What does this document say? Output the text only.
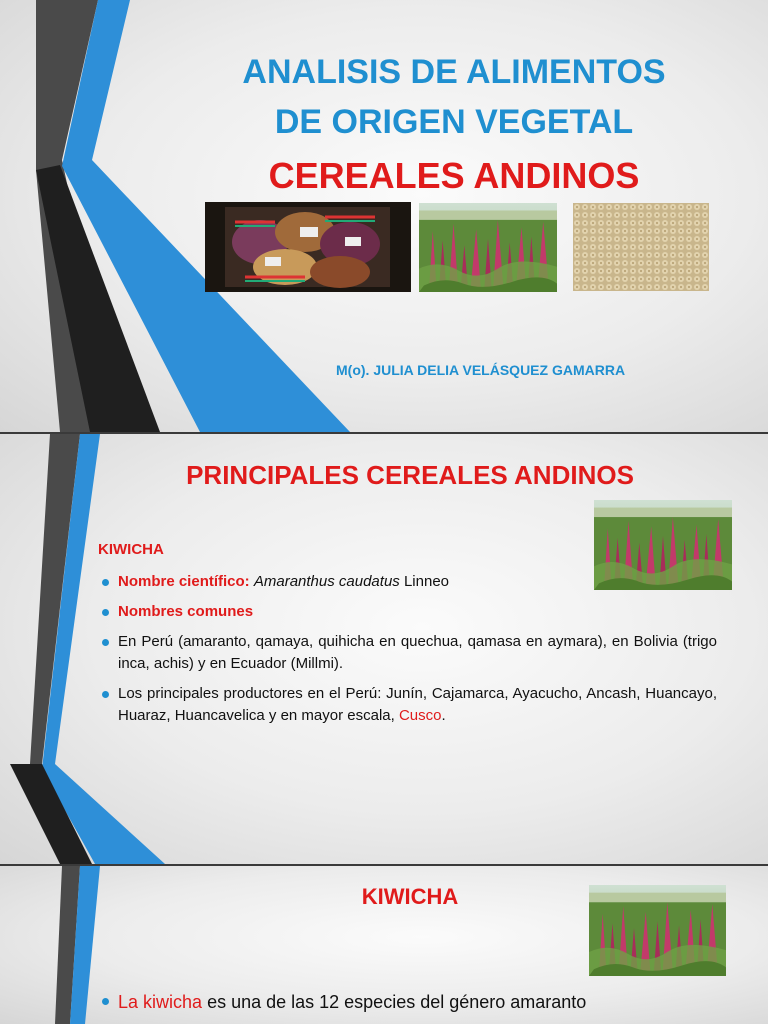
ANALISIS DE ALIMENTOS
DE ORIGEN VEGETAL
CEREALES ANDINOS
M(o). JULIA DELIA VELÁSQUEZ GAMARRA
PRINCIPALES CEREALES ANDINOS
KIWICHA
Nombre científico: Amaranthus caudatus Linneo
Nombres comunes
En Perú (amaranto, qamaya, quihicha en quechua, qamasa en aymara), en Bolivia (trigo inca, achis) y en Ecuador (Millmi).
Los principales productores en el Perú: Junín, Cajamarca, Ayacucho, Ancash, Huancayo, Huaraz, Huancavelica y en mayor escala, Cusco.
KIWICHA
La kiwicha es una de las 12 especies del género amaranto
